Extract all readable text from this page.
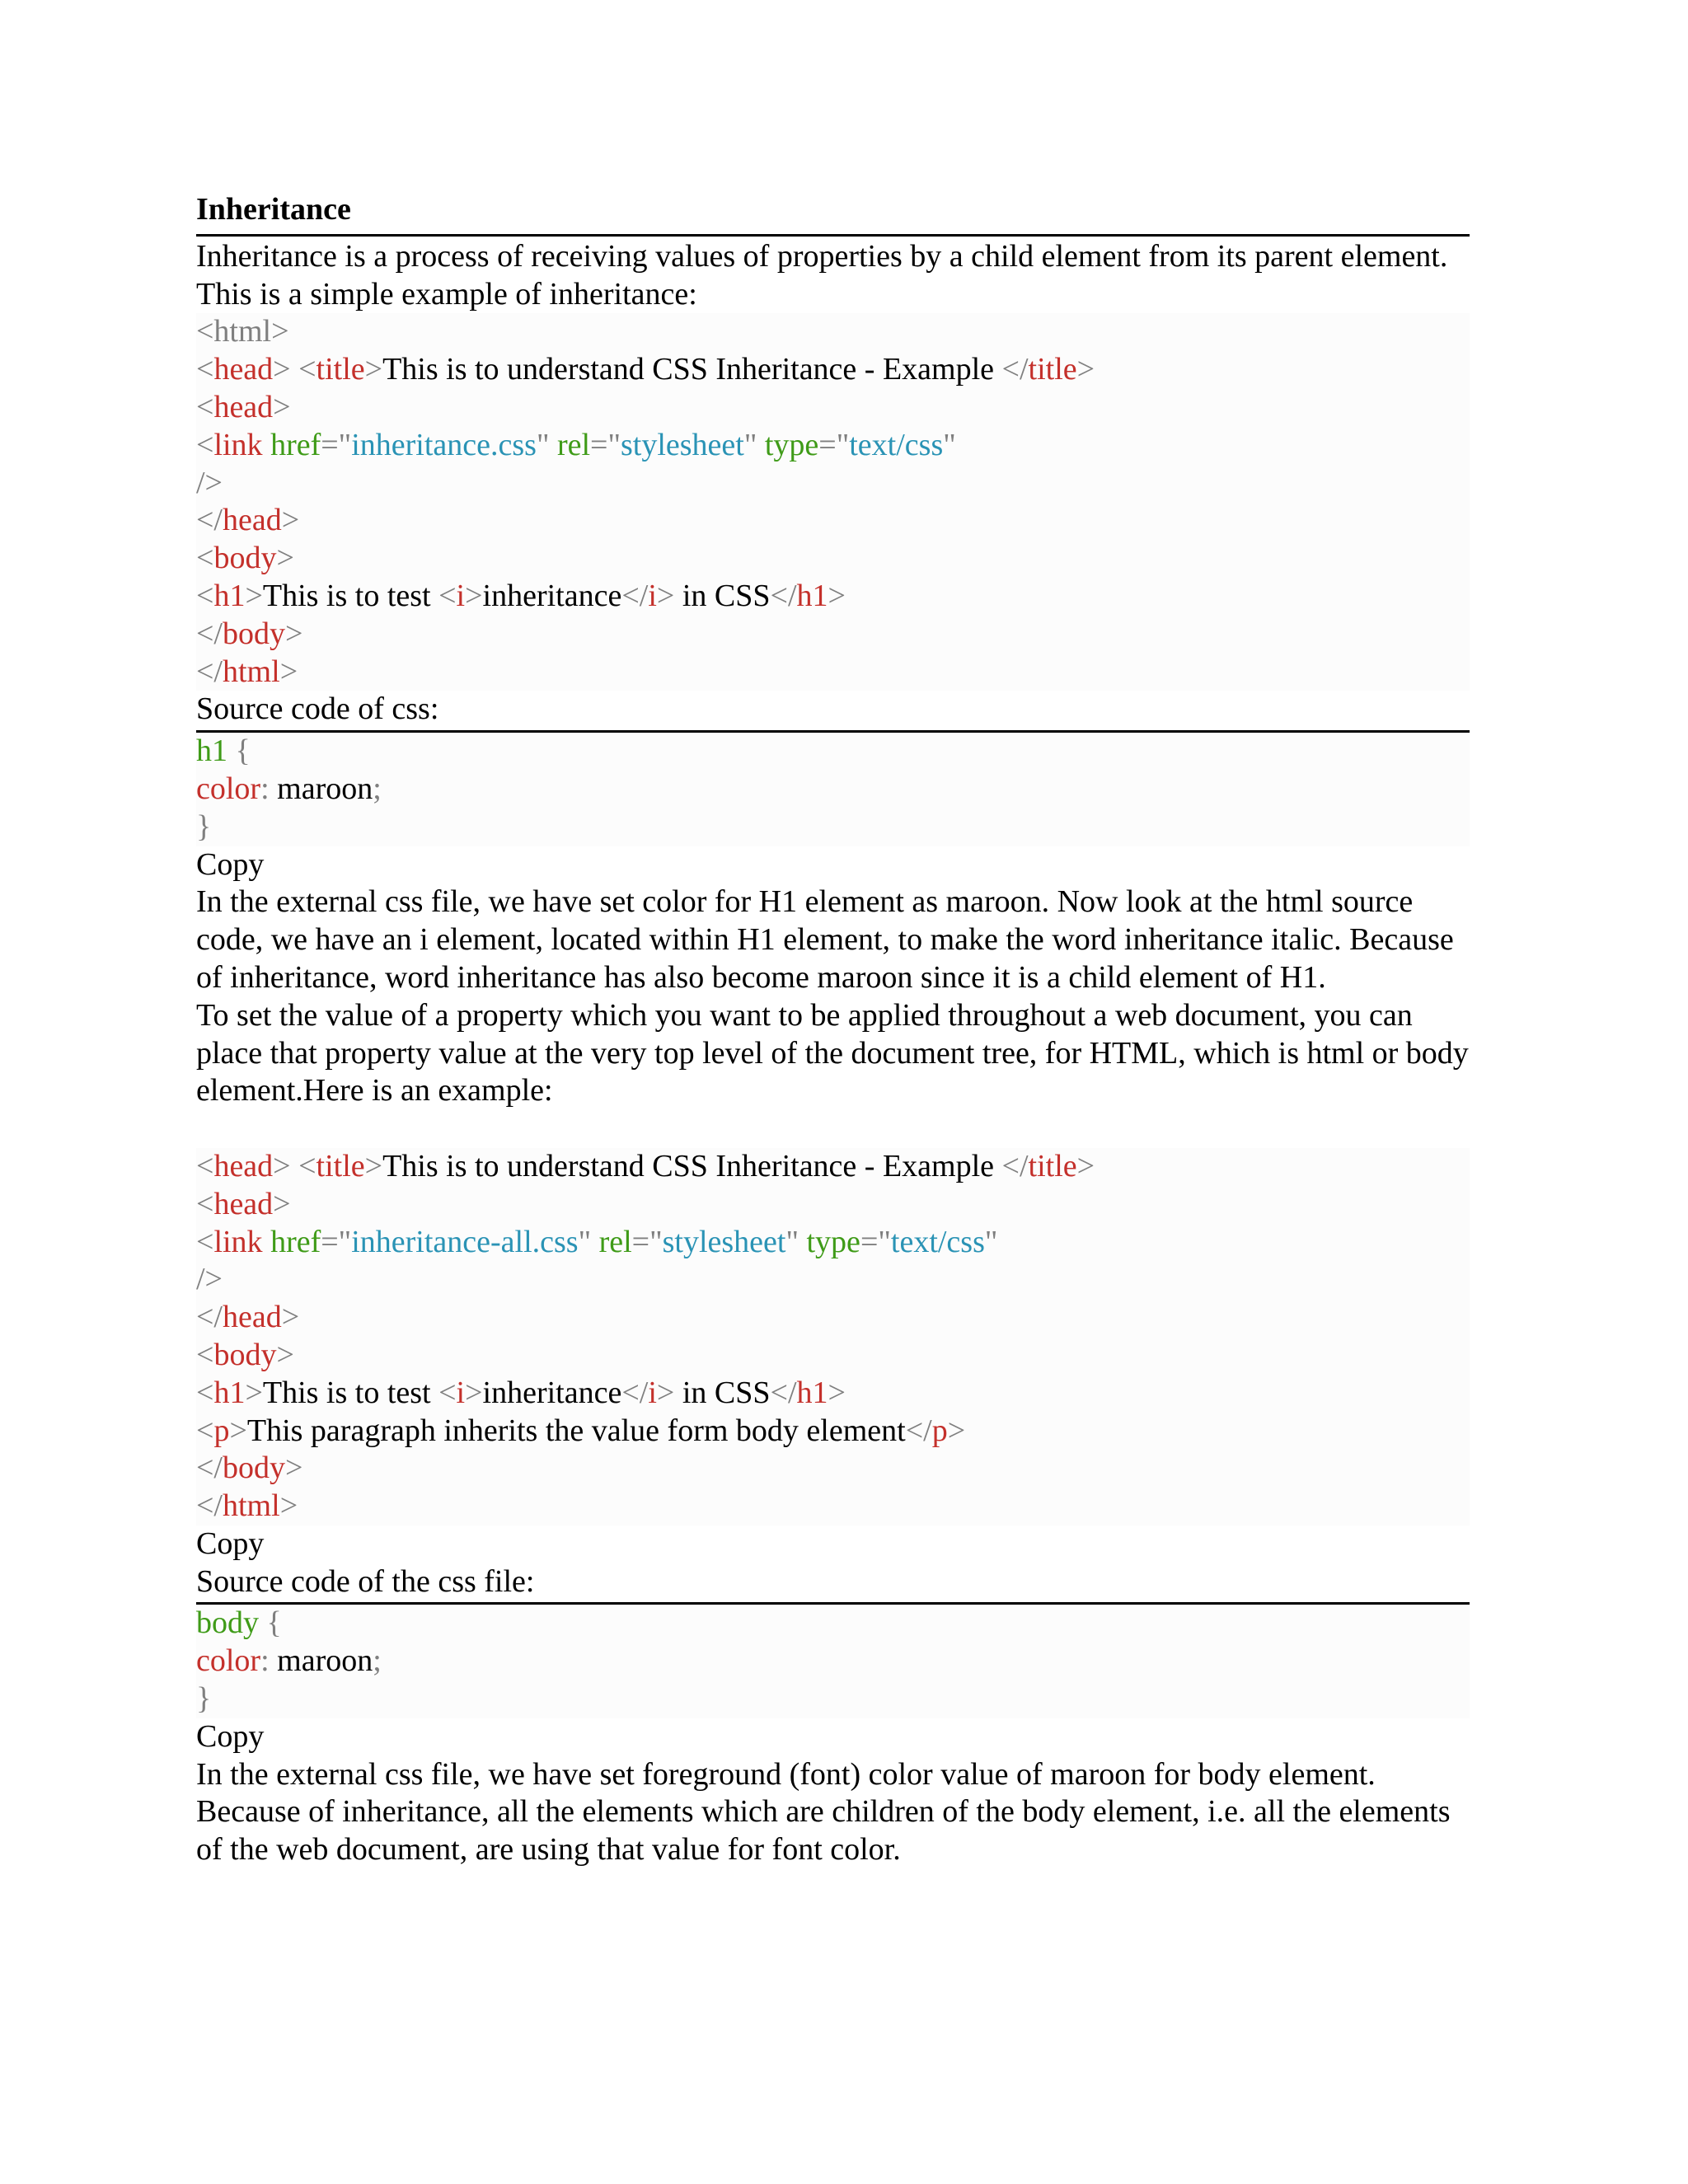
Inheritance
Inheritance is a process of receiving values of properties by a child element from its parent element.
This is a simple example of inheritance:
<html>
<head> <title>This is to understand CSS Inheritance - Example </title>
<head>
<link href="inheritance.css" rel="stylesheet" type="text/css"
/>
</head>
<body>
<h1>This is to test <i>inheritance</i> in CSS</h1>
</body>
</html>
Source code of css:
h1 {
color: maroon;
}
Copy
In the external css file, we have set color for H1 element as maroon. Now look at the html source code, we have an i element, located within H1 element, to make the word inheritance italic. Because of inheritance, word inheritance has also become maroon since it is a child element of H1.
To set the value of a property which you want to be applied throughout a web document, you can place that property value at the very top level of the document tree, for HTML, which is html or body element.Here is an example:
<head> <title>This is to understand CSS Inheritance - Example </title>
<head>
<link href="inheritance-all.css" rel="stylesheet" type="text/css"
/>
</head>
<body>
<h1>This is to test <i>inheritance</i> in CSS</h1>
<p>This paragraph inherits the value form body element</p>
</body>
</html>
Copy
Source code of the css file:
body {
color: maroon;
}
Copy
In the external css file, we have set foreground (font) color value of maroon for body element. Because of inheritance, all the elements which are children of the body element, i.e. all the elements of the web document, are using that value for font color.
